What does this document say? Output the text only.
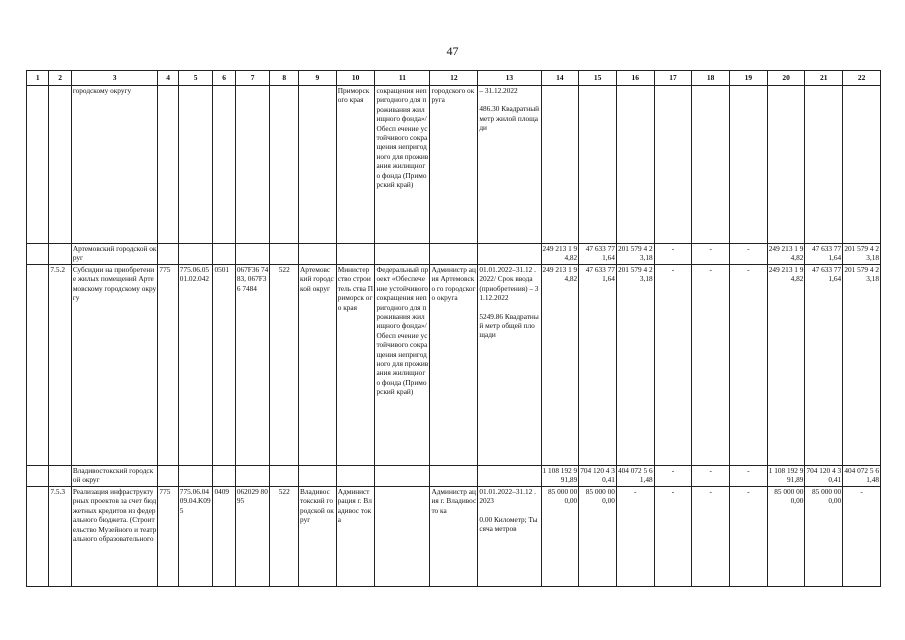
47
1	2	3	4	5	6	7	8	9	10	11	12	13	14	15	16	17	18	19	20	21	22
		городскому округу							Приморск ого края	сокращения непригодного для проживания жилищного фонда»/Обесп ечение устойчивого сокращения непригодного для проживания жилищного фонда (Приморский край)	городского округа	– 31.12.2022
486.30 Квадратный метр жилой площади									
		Артемовский городской округ											249 213 1 94,82	47 633 77 1,64	201 579 4 23,18	-	-	-	249 213 1 94,82	47 633 77 1,64	201 579 4 23,18
	7.5.2	Субсидии на приобретение жилых помещений Артемовскому городскому округу	775	775.06.05 01.02.042	0501	067F36 7483, 067F36 7484	522	Артемовс кий городской округ	Министер ство строитель ства Приморск ого края	Федеральный проект «Обеспечение устойчивого сокращения непригодного для проживания жилищного фонда»/Обесп ечение устойчивого сокращения непригодного для проживания жилищного фонда (Приморский край)	Администр ация Артемовско го городского округа	01.01.2022–31.12 .2022/ Срок ввода (приобретения) – 31.12.2022
5249.86 Квадратный метр общей площади	249 213 1 94,82	47 633 77 1,64	201 579 4 23,18	-	-	-	249 213 1 94,82	47 633 77 1,64	201 579 4 23,18
		Владивостокский городской округ											1 108 192 991,89	704 120 4 30,41	404 072 5 61,48	-	-	-	1 108 192 991,89	704 120 4 30,41	404 072 5 61,48
	7.5.3	Реализация инфраструктурных проектов за счет бюджетных кредитов из федерального бюджета. (Строительство Музейного и театрального образовательного	775	775.06.04 09.04.K09 5	0409	062029 8095	522	Владивос токский городской округ	Админист рация г. Владивос тока		Администр ация г. Владивосто ка	01.01.2022–31.12 .2023
0.00 Километр; Тысяча метров	85 000 00 0,00	85 000 00 0,00	-	-	-	-	85 000 00 0,00	85 000 00 0,00	-
